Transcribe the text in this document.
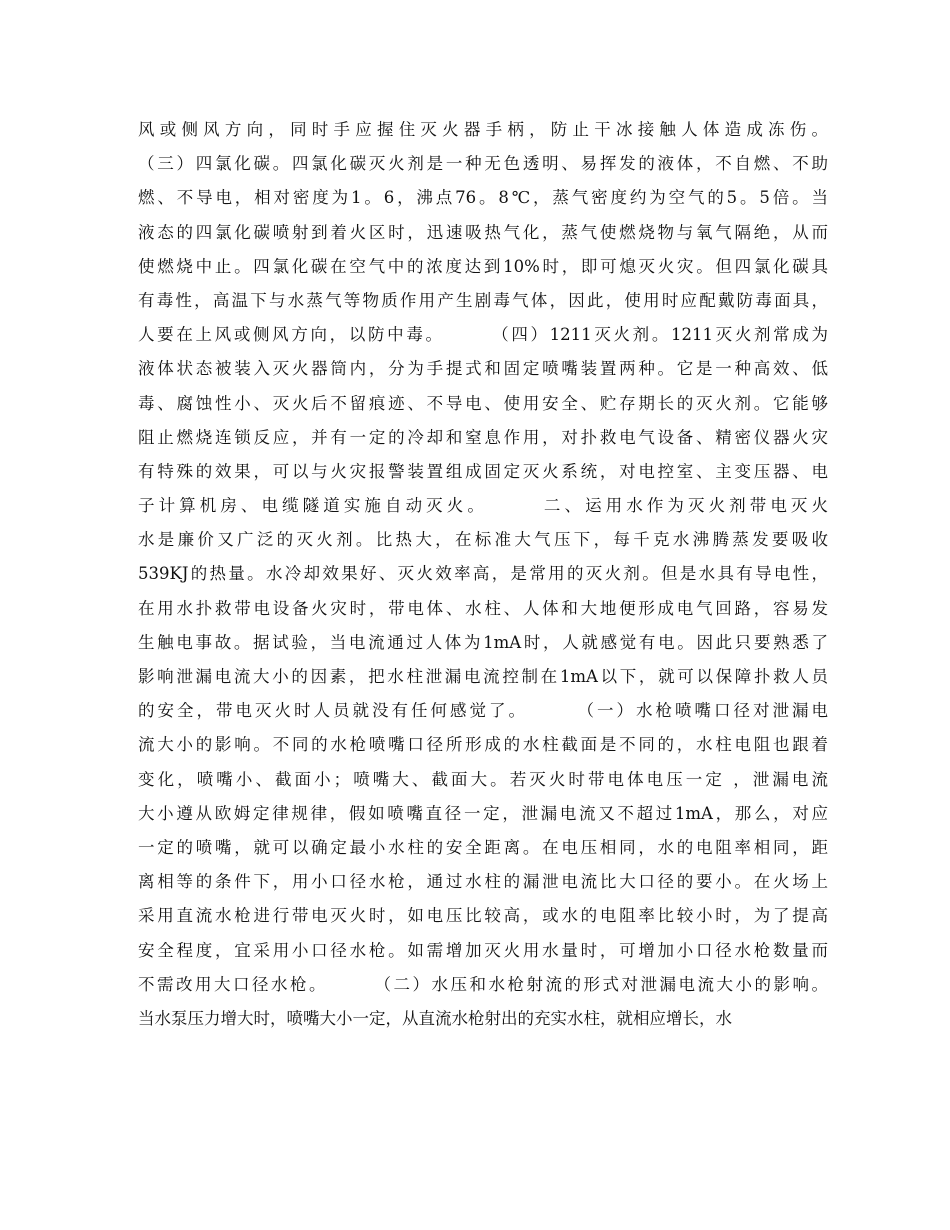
风或侧风方向，同时手应握住灭火器手柄，防止干冰接触人体造成冻伤。
（三）四氯化碳。四氯化碳灭火剂是一种无色透明、易挥发的液体，不自燃、不助
燃、不导电，相对密度为1。6，沸点76。8℃，蒸气密度约为空气的5。5倍。当
液态的四氯化碳喷射到着火区时，迅速吸热气化，蒸气使燃烧物与氧气隔绝，从而
使燃烧中止。四氯化碳在空气中的浓度达到10%时，即可熄灭火灾。但四氯化碳具
有毒性，高温下与水蒸气等物质作用产生剧毒气体，因此，使用时应配戴防毒面具，
人要在上风或侧风方向，以防中毒。      （四）1211灭火剂。1211灭火剂常成为
液体状态被装入灭火器筒内，分为手提式和固定喷嘴装置两种。它是一种高效、低
毒、腐蚀性小、灭火后不留痕迹、不导电、使用安全、贮存期长的灭火剂。它能够
阻止燃烧连锁反应，并有一定的冷却和窒息作用，对扑救电气设备、精密仪器火灾
有特殊的效果，可以与火灾报警装置组成固定灭火系统，对电控室、主变压器、电
子计算机房、电缆隧道实施自动灭火。      二、运用水作为灭火剂带电灭火
水是廉价又广泛的灭火剂。比热大，在标准大气压下，每千克水沸腾蒸发要吸收
539KJ的热量。水冷却效果好、灭火效率高，是常用的灭火剂。但是水具有导电性，
在用水扑救带电设备火灾时，带电体、水柱、人体和大地便形成电气回路，容易发
生触电事故。据试验，当电流通过人体为1mA时，人就感觉有电。因此只要熟悉了
影响泄漏电流大小的因素，把水柱泄漏电流控制在1mA以下，就可以保障扑救人员
的安全，带电灭火时人员就没有任何感觉了。      （一）水枪喷嘴口径对泄漏电
流大小的影响。不同的水枪喷嘴口径所形成的水柱截面是不同的，水柱电阻也跟着
变化，喷嘴小、截面小；喷嘴大、截面大。若灭火时带电体电压一定 ，泄漏电流
大小遵从欧姆定律规律，假如喷嘴直径一定，泄漏电流又不超过1mA，那么，对应
一定的喷嘴，就可以确定最小水柱的安全距离。在电压相同，水的电阻率相同，距
离相等的条件下，用小口径水枪，通过水柱的漏泄电流比大口径的要小。在火场上
采用直流水枪进行带电灭火时，如电压比较高，或水的电阻率比较小时，为了提高
安全程度，宜采用小口径水枪。如需增加灭火用水量时，可增加小口径水枪数量而
不需改用大口径水枪。      （二）水压和水枪射流的形式对泄漏电流大小的影响。
当水泵压力增大时，喷嘴大小一定，从直流水枪射出的充实水柱，就相应增长，水
